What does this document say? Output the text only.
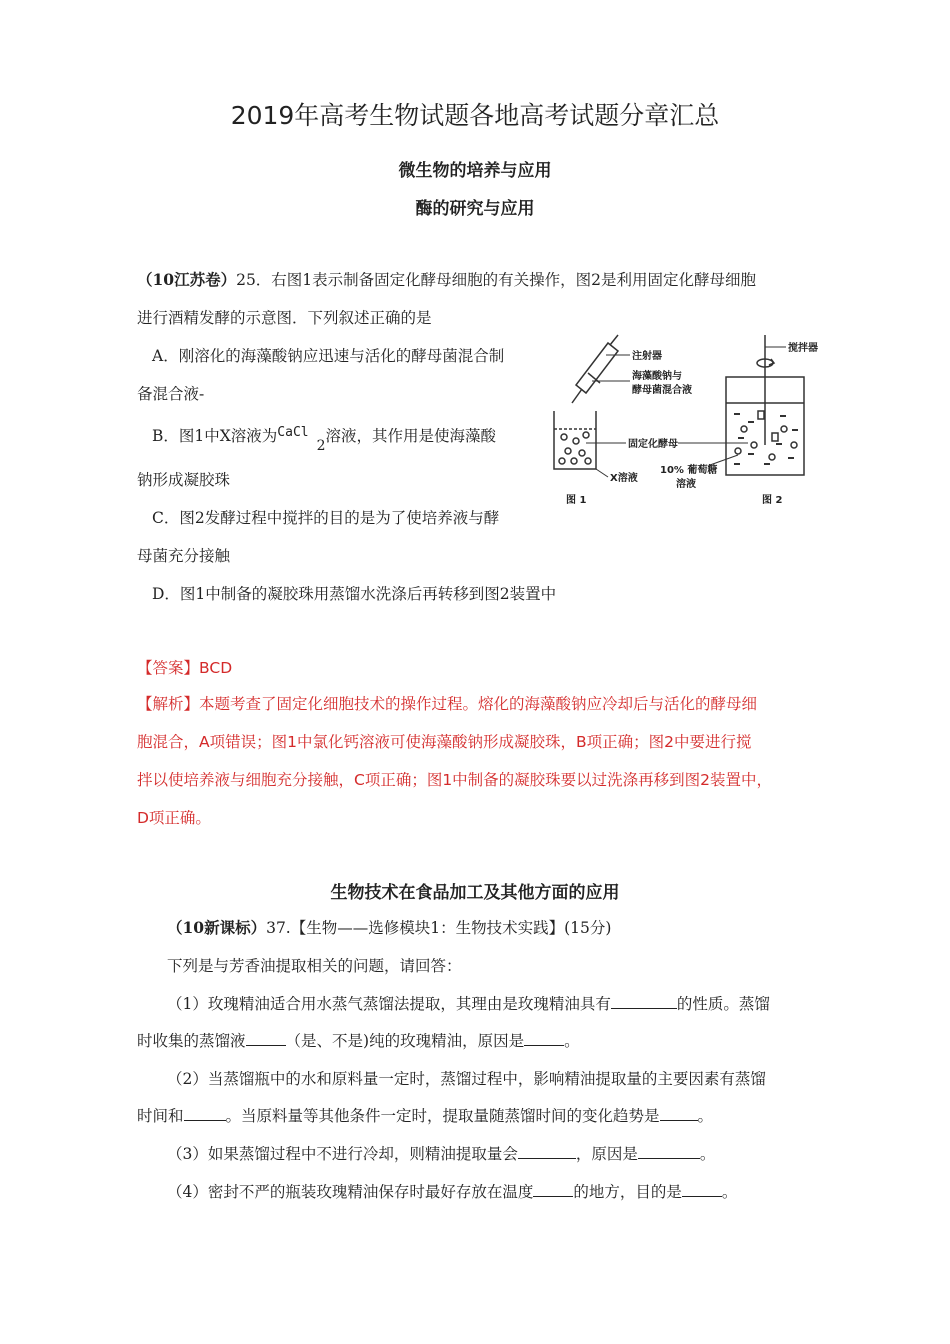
2019年高考生物试题各地高考试题分章汇总
微生物的培养与应用
酶的研究与应用
（10江苏卷）25．右图1表示制备固定化酵母细胞的有关操作，图2是利用固定化酵母细胞
进行酒精发酵的示意图．下列叙述正确的是
A．刚溶化的海藻酸钠应迅速与活化的酵母菌混合制
备混合液-
B．图1中X溶液为$^{CaCl}$2溶液，其作用是使海藻酸
钠形成凝胶珠
C．图2发酵过程中搅拌的目的是为了使培养液与酵
母菌充分接触
D．图1中制备的凝胶珠用蒸馏水洗涤后再转移到图2装置中
搅拌器
注射器
海藻酸钠与
酵母菌混合液
固定化酵母
X溶液
10% 葡萄糖
溶液
图 1	图 2
【答案】BCD
【解析】本题考查了固定化细胞技术的操作过程。熔化的海藻酸钠应冷却后与活化的酵母细
胞混合，A项错误；图1中氯化钙溶液可使海藻酸钠形成凝胶珠，B项正确；图2中要进行搅
拌以使培养液与细胞充分接触，C项正确；图1中制备的凝胶珠要以过洗涤再移到图2装置中，
D项正确。
生物技术在食品加工及其他方面的应用
（10新课标）37.【生物——选修模块1：生物技术实践】(15分)
下列是与芳香油提取相关的问题，请回答：
（1）玫瑰精油适合用水蒸气蒸馏法提取，其理由是玫瑰精油具有	的性质。蒸馏
时收集的蒸馏液	（是、不是)纯的玫瑰精油，原因是	。
（2）当蒸馏瓶中的水和原料量一定时，蒸馏过程中，影响精油提取量的主要因素有蒸馏
时间和	。当原料量等其他条件一定时，提取量随蒸馏时间的变化趋势是 。
（3）如果蒸馏过程中不进行冷却，则精油提取量会	，原因是	。
（4）密封不严的瓶装玫瑰精油保存时最好存放在温度	的地方，目的是	。
